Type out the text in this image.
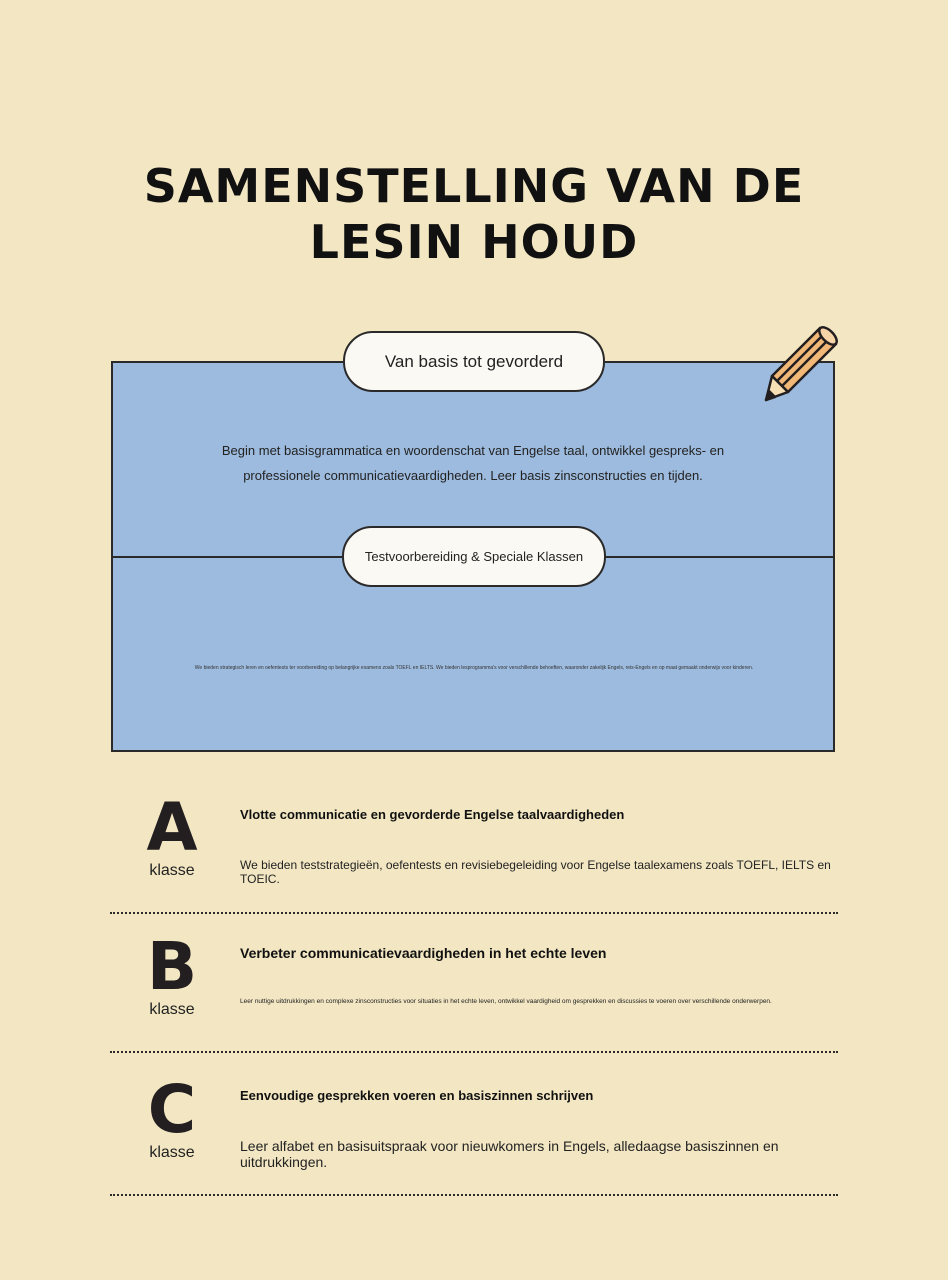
SAMENSTELLING VAN DE LESIN HOUD
Van basis tot gevorderd
Begin met basisgrammatica en woordenschat van Engelse taal, ontwikkel gespreks- en professionele communicatievaardigheden. Leer basis zinsconstructies en tijden.
Testvoorbereiding & Speciale Klassen
We bieden strategisch leren en oefentests ter voorbereiding op belangrijke examens zoals TOEFL en IELTS. We bieden lesprogramma's voor verschillende behoeften, waaronder zakelijk Engels, reis-Engels en op maat gemaakt onderwijs voor kinderen.
A
klasse
Vlotte communicatie en gevorderde Engelse taalvaardigheden
We bieden teststrategieën, oefentests en revisiebegeleiding voor Engelse taalexamens zoals TOEFL, IELTS en TOEIC.
B
klasse
Verbeter communicatievaardigheden in het echte leven
Leer nuttige uitdrukkingen en complexe zinsconstructies voor situaties in het echte leven, ontwikkel vaardigheid om gesprekken en discussies te voeren over verschillende onderwerpen.
C
klasse
Eenvoudige gesprekken voeren en basiszinnen schrijven
Leer alfabet en basisuitspraak voor nieuwkomers in Engels, alledaagse basiszinnen en uitdrukkingen.
